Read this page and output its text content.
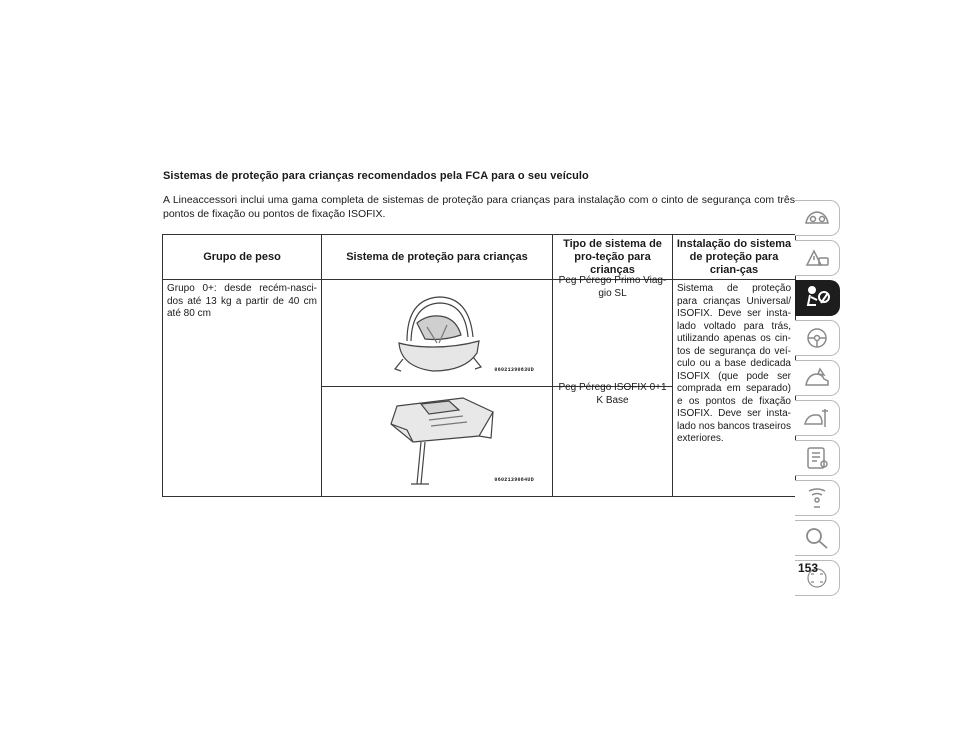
Sistemas de proteção para crianças recomendados pela FCA para o seu veículo
A Lineaccessori inclui uma gama completa de sistemas de proteção para crianças para instalação com o cinto de segurança com três pontos de fixação ou pontos de fixação ISOFIX.
Grupo de peso	Sistema de proteção para crianças	Tipo de sistema de pro-teção para crianças	Instalação do sistema de proteção para crian-ças
Grupo 0+: desde recém-nasci-dos até 13 kg a partir de 40 cm até 80 cm	0602139083UD	Peg Pérego Primo Viag-gio SL	Sistema de proteção para crianças Universal/ ISOFIX. Deve ser insta-lado voltado para trás, utilizando apenas os cin-tos de segurança do veí-culo ou a base dedicada ISOFIX (que pode ser comprada em separado) e os pontos de fixação ISOFIX. Deve ser insta-lado nos bancos traseiros exteriores.

	0602139084UD	Peg Pérego ISOFIX 0+1 K Base	
153
